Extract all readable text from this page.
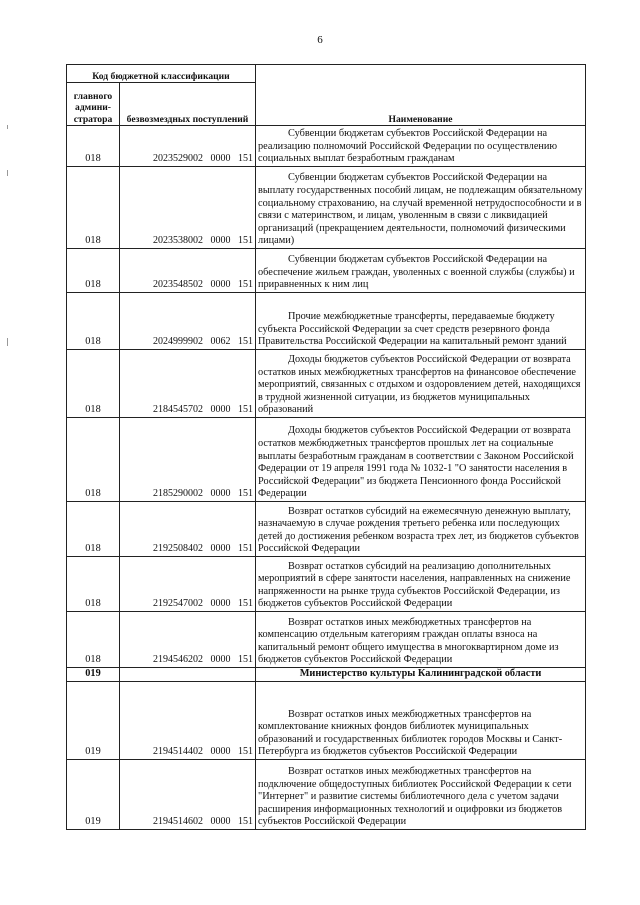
6
Код бюджетной классификации		Наименование
главного админи-стратора	безвозмездных поступлений	
018	2023529002   0000   151	Субвенции бюджетам субъектов Российской Федерации на реализацию полномочий Российской Федерации по осуществлению социальных выплат безработным гражданам
018	2023538002   0000   151	Субвенции бюджетам субъектов Российской Федерации на выплату государственных пособий лицам, не подлежащим обязательному социальному страхованию, на случай временной нетрудоспособности и в связи с материнством, и лицам, уволенным в связи с ликвидацией организаций (прекращением деятельности, полномочий физическими лицами)
018	2023548502   0000   151	Субвенции бюджетам субъектов Российской Федерации на обеспечение жильем граждан, уволенных с военной службы (службы) и приравненных к ним лиц
018	2024999902   0062   151	Прочие межбюджетные трансферты, передаваемые бюджету субъекта Российской Федерации за счет средств резервного фонда Правительства Российской Федерации на капитальный ремонт зданий
018	2184545702   0000   151	Доходы бюджетов субъектов Российской Федерации от возврата остатков иных межбюджетных трансфертов на финансовое обеспечение мероприятий, связанных с отдыхом и оздоровлением детей, находящихся в трудной жизненной ситуации, из бюджетов муниципальных образований
018	2185290002   0000   151	Доходы бюджетов субъектов Российской Федерации от возврата остатков межбюджетных трансфертов прошлых лет на социальные выплаты безработным гражданам в соответствии с Законом Российской Федерации от 19 апреля 1991 года № 1032-1 "О занятости населения в Российской Федерации" из бюджета Пенсионного фонда Российской Федерации
018	2192508402   0000   151	Возврат остатков субсидий на ежемесячную денежную выплату, назначаемую в случае рождения третьего ребенка или последующих детей до достижения ребенком возраста трех лет, из бюджетов субъектов Российской Федерации
018	2192547002   0000   151	Возврат остатков субсидий на реализацию дополнительных мероприятий в сфере занятости населения, направленных на снижение напряженности на рынке труда субъектов Российской Федерации, из бюджетов субъектов Российской Федерации
018	2194546202   0000   151	Возврат остатков иных межбюджетных трансфертов на компенсацию отдельным категориям граждан оплаты взноса на капитальный ремонт общего имущества в многоквартирном доме из бюджетов субъектов Российской Федерации
019		Министерство культуры Калининградской области
019	2194514402   0000   151	Возврат остатков иных межбюджетных трансфертов на комплектование книжных фондов библиотек муниципальных образований и государственных библиотек городов Москвы и Санкт-Петербурга из бюджетов субъектов Российской Федерации
019	2194514602   0000   151	Возврат остатков иных межбюджетных трансфертов на подключение общедоступных библиотек Российской Федерации к сети "Интернет" и развитие системы библиотечного дела с учетом задачи расширения информационных технологий и оцифровки из бюджетов субъектов Российской Федерации
